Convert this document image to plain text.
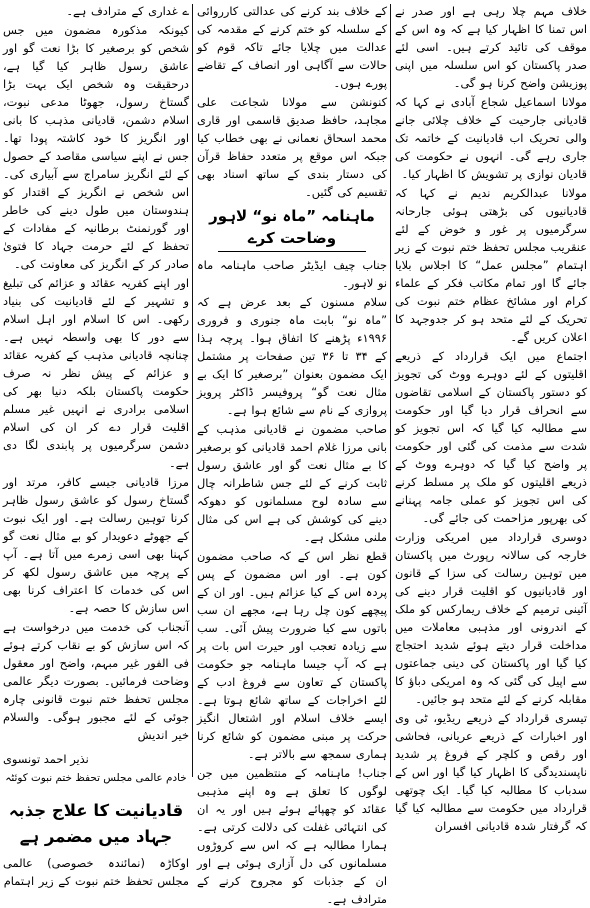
خلاف مہم چلا رہی ہے اور صدر نے اس تمنا کا اظہار کیا ہے کہ وہ اس کے موقف کی تائید کرتے ہیں۔ اسی لئے صدر پاکستان کو اس سلسلہ میں اپنی پوزیشن واضح کرنا ہو گی۔

مولانا اسماعیل شجاع آبادی نے کہا کہ قادیانی جارحیت کے خلاف چلائی جانے والی تحریک اب قادیانیت کے خاتمہ تک جاری رہے گی۔ انہوں نے حکومت کی قادیان نوازی پر تشویش کا اظہار کیا۔

مولانا عبدالکریم ندیم نے کہا کہ قادیانیوں کی بڑھتی ہوئی جارحانہ سرگرمیوں پر غور و خوض کے لئے عنقریب مجلس تحفظ ختم نبوت کے زیر اہتمام ”مجلس عمل“ کا اجلاس بلایا جائے گا اور تمام مکاتب فکر کے علماء کرام اور مشائخ عظام ختم نبوت کی تحریک کے لئے متحد ہو کر جدوجہد کا اعلان کریں گے۔

اجتماع میں ایک قرارداد کے ذریعے اقلیتوں کے لئے دوہرے ووٹ کی تجویز کو دستور پاکستان کے اسلامی تقاضوں سے انحراف قرار دیا گیا اور حکومت سے مطالبہ کیا گیا کہ اس تجویز کو شدت سے مذمت کی گئی اور حکومت پر واضح کیا گیا کہ دوہرے ووٹ کے ذریعے اقلیتوں کو ملک پر مسلط کرنے کی اس تجویز کو عملی جامہ پہنانے کی بھرپور مزاحمت کی جائے گی۔

دوسری قرارداد میں امریکی وزارت خارجہ کی سالانہ رپورٹ میں پاکستان میں توہین رسالت کی سزا کے قانون اور قادیانیوں کو اقلیت قرار دینے کی آئینی ترمیم کے خلاف ریمارکس کو ملک کے اندرونی اور مذہبی معاملات میں مداخلت قرار دیتے ہوئے شدید احتجاج کیا گیا اور پاکستان کی دینی جماعتوں سے اپیل کی گئی کہ وہ امریکی دباؤ کا مقابلہ کرنے کے لئے متحد ہو جائیں۔

تیسری قرارداد کے ذریعے ریڈیو، ٹی وی اور اخبارات کے ذریعے عریانی، فحاشی اور رقص و کلچر کے فروغ پر شدید ناپسندیدگی کا اظہار کیا گیا اور اس کے سدباب کا مطالبہ کیا گیا۔ ایک چوتھی قرارداد میں حکومت سے مطالبہ کیا گیا کہ گرفتار شدہ قادیانی افسران

کے خلاف بند کرنے کی عدالتی کارروائی کے سلسلہ کو ختم کرنے کے مقدمہ کی عدالت میں چلایا جائے تاکہ قوم کو حالات سے آگاہی اور انصاف کے تقاضے پورے ہوں۔

کنونشن سے مولانا شجاعت علی مجاہد، حافظ صدیق قاسمی اور قاری محمد اسحاق نعمانی نے بھی خطاب کیا جبکہ اس موقع پر متعدد حفاظ قرآن کی دستار بندی کے ساتھ اسناد بھی تقسیم کی گئیں۔

ماہنامہ ”ماہ نو“ لاہور وضاحت کرے

جناب چیف ایڈیٹر صاحب ماہنامہ ماہ نو لاہور۔

سلام مسنون کے بعد عرض ہے کہ ”ماہ نو“ بابت ماہ جنوری و فروری ۱۹۹۶ء پڑھنے کا اتفاق ہوا۔ پرچہ ہذا کے ۳۴ تا ۳۶ تین صفحات پر مشتمل ایک مضمون بعنوان ”برصغیر کا ایک بے مثال نعت گو“ پروفیسر ڈاکٹر پرویز پروازی کے نام سے شائع ہوا ہے۔

صاحب مضمون نے قادیانی مذہب کے بانی مرزا غلام احمد قادیانی کو برصغیر کا بے مثال نعت گو اور عاشق رسول ثابت کرنے کے لئے جس شاطرانہ چال سے سادہ لوح مسلمانوں کو دھوکہ دینے کی کوشش کی ہے اس کی مثال ملنی مشکل ہے۔

قطع نظر اس کے کہ صاحب مضمون کون ہے۔ اور اس مضمون کے پس پردہ اس کے کیا عزائم ہیں۔ اور ان کے پیچھے کون چل رہا ہے، مجھے ان سب باتوں سے کیا ضرورت پیش آئی۔ سب سے زیادہ تعجب اور حیرت اس بات پر ہے کہ آپ جیسا ماہنامہ جو حکومت پاکستان کے تعاون سے فروغ ادب کے لئے اخراجات کے ساتھ شائع ہوتا ہے۔ ایسے خلاف اسلام اور اشتعال انگیز حرکت پر مبنی مضمون کو شائع کرنا ہماری سمجھ سے بالاتر ہے۔

جناب! ماہنامہ کے منتظمین میں جن لوگوں کا تعلق ہے وہ اپنے مذہبی عقائد کو چھپائے ہوئے ہیں اور یہ ان کی انتہائی غفلت کی دلالت کرتی ہے۔ ہمارا مطالبہ ہے کہ اس سے کروڑوں مسلمانوں کی دل آزاری ہوئی ہے اور ان کے جذبات کو مجروح کرنے کے مترادف ہے۔

ے غداری کے مترادف ہے۔

کیونکہ مذکورہ مضمون میں جس شخص کو برصغیر کا بڑا نعت گو اور عاشق رسول ظاہر کیا گیا ہے، درحقیقت وہ شخص ایک بہت بڑا گستاخ رسول، جھوٹا مدعی نبوت، اسلام دشمن، قادیانی مذہب کا بانی اور انگریز کا خود کاشتہ پودا تھا۔ جس نے اپنے سیاسی مقاصد کے حصول کے لئے انگریز سامراج سے آبیاری کی۔ اس شخص نے انگریز کے اقتدار کو ہندوستان میں طول دینے کی خاطر اور گورنمنٹ برطانیہ کے مفادات کے تحفظ کے لئے حرمت جہاد کا فتویٰ صادر کر کے انگریز کی معاونت کی۔

اور اپنے کفریہ عقائد و عزائم کی تبلیغ و تشہیر کے لئے قادیانیت کی بنیاد رکھی۔ اس کا اسلام اور اہل اسلام سے دور کا بھی واسطہ نہیں ہے۔ چنانچہ قادیانی مذہب کے کفریہ عقائد و عزائم کے پیش نظر نہ صرف حکومت پاکستان بلکہ دنیا بھر کی اسلامی برادری نے انہیں غیر مسلم اقلیت قرار دے کر ان کی اسلام دشمن سرگرمیوں پر پابندی لگا دی ہے۔

مرزا قادیانی جیسے کافر، مرتد اور گستاخ رسول کو عاشق رسول ظاہر کرنا توہین رسالت ہے۔ اور ایک نبوت کے جھوٹے دعویدار کو بے مثال نعت گو کہنا بھی اسی زمرے میں آتا ہے۔ آپ کے پرچہ میں عاشق رسول لکھ کر اس کی خدمات کا اعتراف کرنا بھی اس سازش کا حصہ ہے۔

آنجناب کی خدمت میں درخواست ہے کہ اس سازش کو بے نقاب کرتے ہوئے فی الفور غیر مبہم، واضح اور معقول وضاحت فرمائیں۔ بصورت دیگر عالمی مجلس تحفظ ختم نبوت قانونی چارہ جوئی کے لئے مجبور ہوگی۔ والسلام خیر اندیش

نذیر احمد تونسوی

خادم عالمی مجلس تحفظ ختم نبوت کوئٹہ

قادیانیت کا علاج جذبہ جہاد میں مضمر ہے

اوکاڑہ (نمائندہ خصوصی) عالمی مجلس تحفظ ختم نبوت کے زیر اہتمام
